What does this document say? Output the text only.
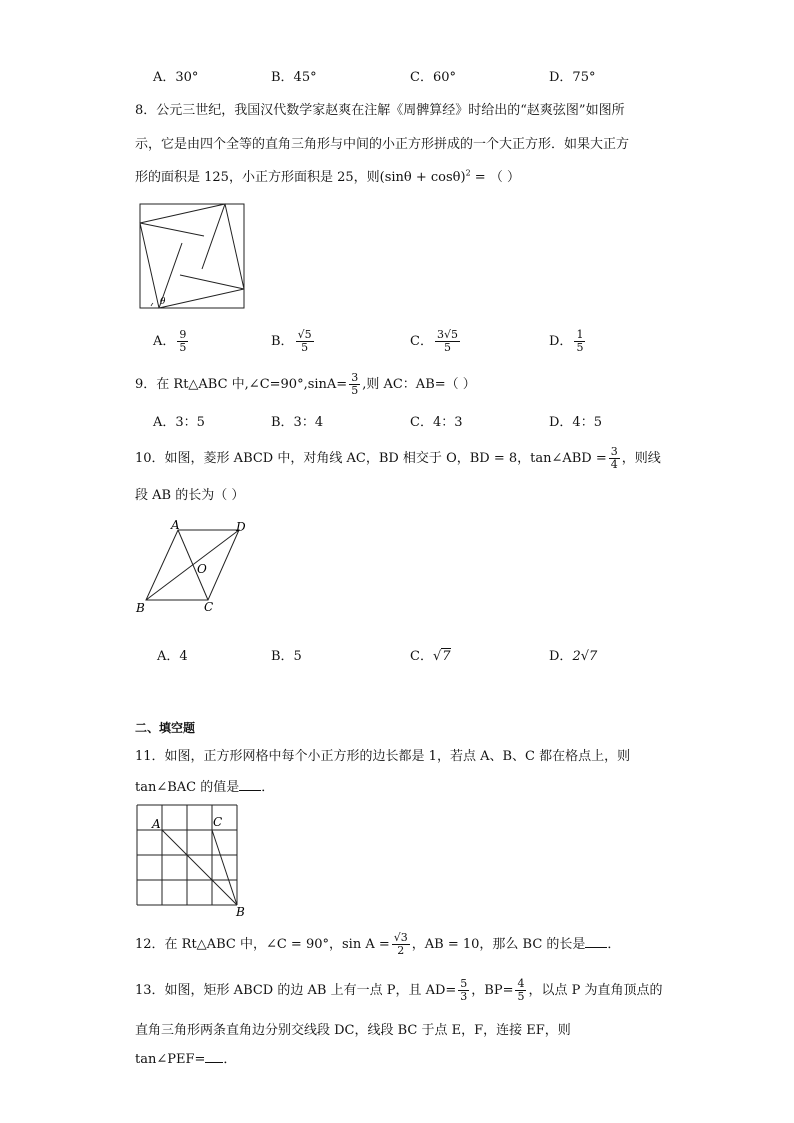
A．30°	B．45°	C．60°	D．75°
8．公元三世纪，我国汉代数学家赵爽在注解《周髀算经》时给出的“赵爽弦图”如图所
示，它是由四个全等的直角三角形与中间的小正方形拼成的一个大正方形．如果大正方
形的面积是 125，小正方形面积是 25，则$(\sin\theta + \cos\theta)^2$ = （ ）
θ
A． $\frac{9}{5}$	B． $\frac{√5}{5}$	C． $\frac{3√5}{5}$	D． $\frac{1}{5}$
9．在 Rt△ABC 中,∠C=90°,sinA= $\frac{3}{5}$ ,则 AC：AB=（ ）
A．3：5	B．3：4	C．4：3	D．4：5
10．如图，菱形 ABCD 中，对角线 AC，BD 相交于 O，BD = 8，tan∠ABD = $\frac{3}{4}$ ，则线
段 AB 的长为（ ）
A	D
O
B	C
A．4	B．5	C．√7	D．2√7
二、填空题
11．如图，正方形网格中每个小正方形的边长都是 1，若点 A、B、C 都在格点上，则
tan∠BAC 的值是 ．
A	C
B
12．在 Rt△ABC 中，∠C = 90°，$\sin A = \frac{√3}{2}$ ，AB = 10，那么 BC 的长是 ．
13．如图，矩形 ABCD 的边 AB 上有一点 P，且 $AD= \frac{5}{3}$ ，$BP= \frac{4}{5}$ ，以点 P 为直角顶点的
直角三角形两条直角边分别交线段 DC，线段 BC 于点 E，F，连接 EF，则
tan∠PEF= ．
